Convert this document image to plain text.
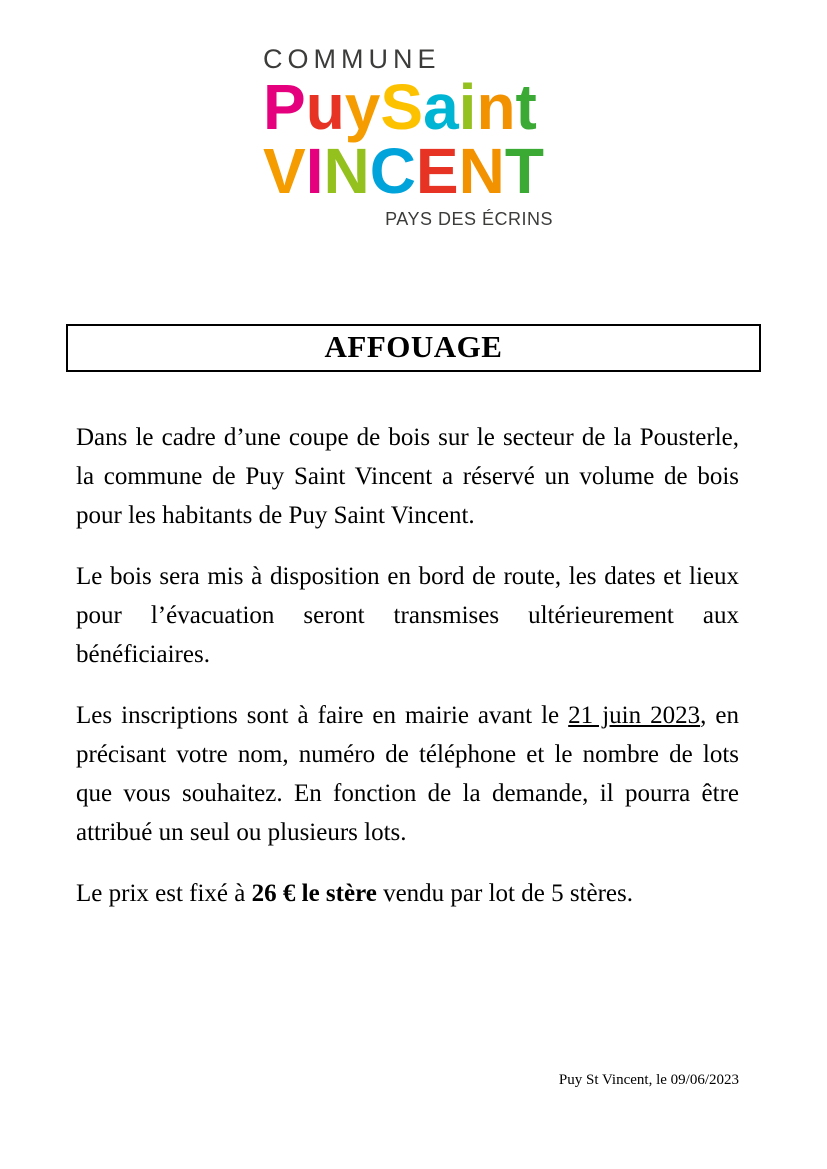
COMMUNE
PuySaint
VINCENT
PAYS DES ÉCRINS
AFFOUAGE

Dans le cadre d’une coupe de bois sur le secteur de la Pousterle, la commune de Puy Saint Vincent a réservé un volume de bois pour les habitants de Puy Saint Vincent.

Le bois sera mis à disposition en bord de route, les dates et lieux pour l’évacuation seront transmises ultérieurement aux bénéficiaires.

Les inscriptions sont à faire en mairie avant le 21 juin 2023, en précisant votre nom, numéro de téléphone et le nombre de lots que vous souhaitez. En fonction de la demande, il pourra être attribué un seul ou plusieurs lots.

Le prix est fixé à 26 € le stère vendu par lot de 5 stères.

Puy St Vincent, le 09/06/2023
